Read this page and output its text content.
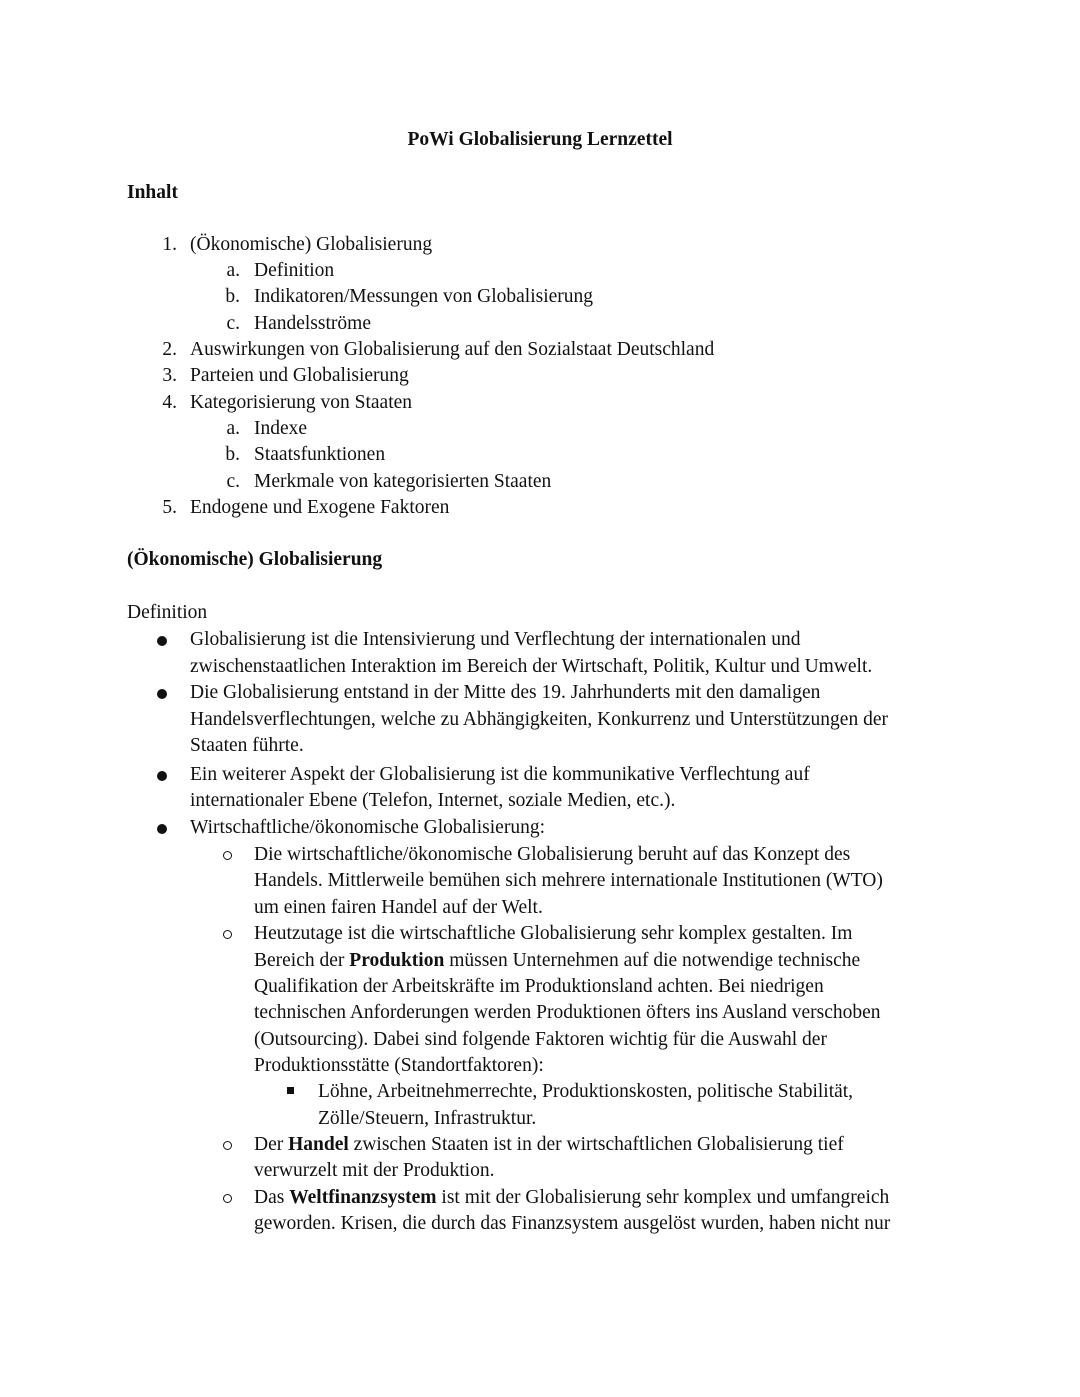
PoWi Globalisierung Lernzettel
Inhalt
1. (Ökonomische) Globalisierung
a. Definition
b. Indikatoren/Messungen von Globalisierung
c. Handelsströme
2. Auswirkungen von Globalisierung auf den Sozialstaat Deutschland
3. Parteien und Globalisierung
4. Kategorisierung von Staaten
a. Indexe
b. Staatsfunktionen
c. Merkmale von kategorisierten Staaten
5. Endogene und Exogene Faktoren
(Ökonomische) Globalisierung
Definition
Globalisierung ist die Intensivierung und Verflechtung der internationalen und
zwischenstaatlichen Interaktion im Bereich der Wirtschaft, Politik, Kultur und Umwelt.
Die Globalisierung entstand in der Mitte des 19. Jahrhunderts mit den damaligen
Handelsverflechtungen, welche zu Abhängigkeiten, Konkurrenz und Unterstützungen der
Staaten führte.
Ein weiterer Aspekt der Globalisierung ist die kommunikative Verflechtung auf
internationaler Ebene (Telefon, Internet, soziale Medien, etc.).
Wirtschaftliche/ökonomische Globalisierung:
Die wirtschaftliche/ökonomische Globalisierung beruht auf das Konzept des
Handels. Mittlerweile bemühen sich mehrere internationale Institutionen (WTO)
um einen fairen Handel auf der Welt.
Heutzutage ist die wirtschaftliche Globalisierung sehr komplex gestalten. Im
Bereich der Produktion müssen Unternehmen auf die notwendige technische
Qualifikation der Arbeitskräfte im Produktionsland achten. Bei niedrigen
technischen Anforderungen werden Produktionen öfters ins Ausland verschoben
(Outsourcing). Dabei sind folgende Faktoren wichtig für die Auswahl der
Produktionsstätte (Standortfaktoren):
Löhne, Arbeitnehmerrechte, Produktionskosten, politische Stabilität,
Zölle/Steuern, Infrastruktur.
Der Handel zwischen Staaten ist in der wirtschaftlichen Globalisierung tief
verwurzelt mit der Produktion.
Das Weltfinanzsystem ist mit der Globalisierung sehr komplex und umfangreich
geworden. Krisen, die durch das Finanzsystem ausgelöst wurden, haben nicht nur
